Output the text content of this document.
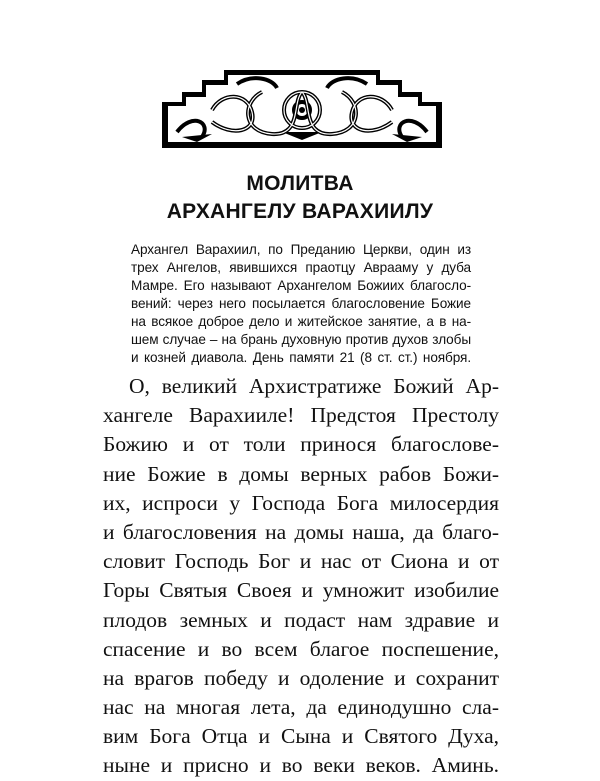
МОЛИТВА
АРХАНГЕЛУ ВАРАХИИЛУ
Архангел Варахиил, по Преданию Церкви, один из
трех Ангелов, явившихся праотцу Аврааму у дуба
Мамре. Его называют Архангелом Божиих благосло-
вений: через него посылается благословение Божие
на всякое доброе дело и житейское занятие, а в на-
шем случае – на брань духовную против духов злобы
и козней диавола. День памяти 21 (8 ст. ст.) ноября.
О, великий Архистратиже Божий Ар-
хангеле Варахииле! Предстоя Престолу
Божию и от толи принося благослове-
ние Божие в домы верных рабов Божи-
их, испроси у Господа Бога милосердия
и благословения на домы наша, да благо-
словит Господь Бог и нас от Сиона и от
Горы Святыя Своея и умножит изобилие
плодов земных и подаст нам здравие и
спасение и во всем благое поспешение,
на врагов победу и одоление и сохранит
нас на многая лета, да единодушно сла-
вим Бога Отца и Сына и Святого Духа,
ныне и присно и во веки веков. Аминь.
